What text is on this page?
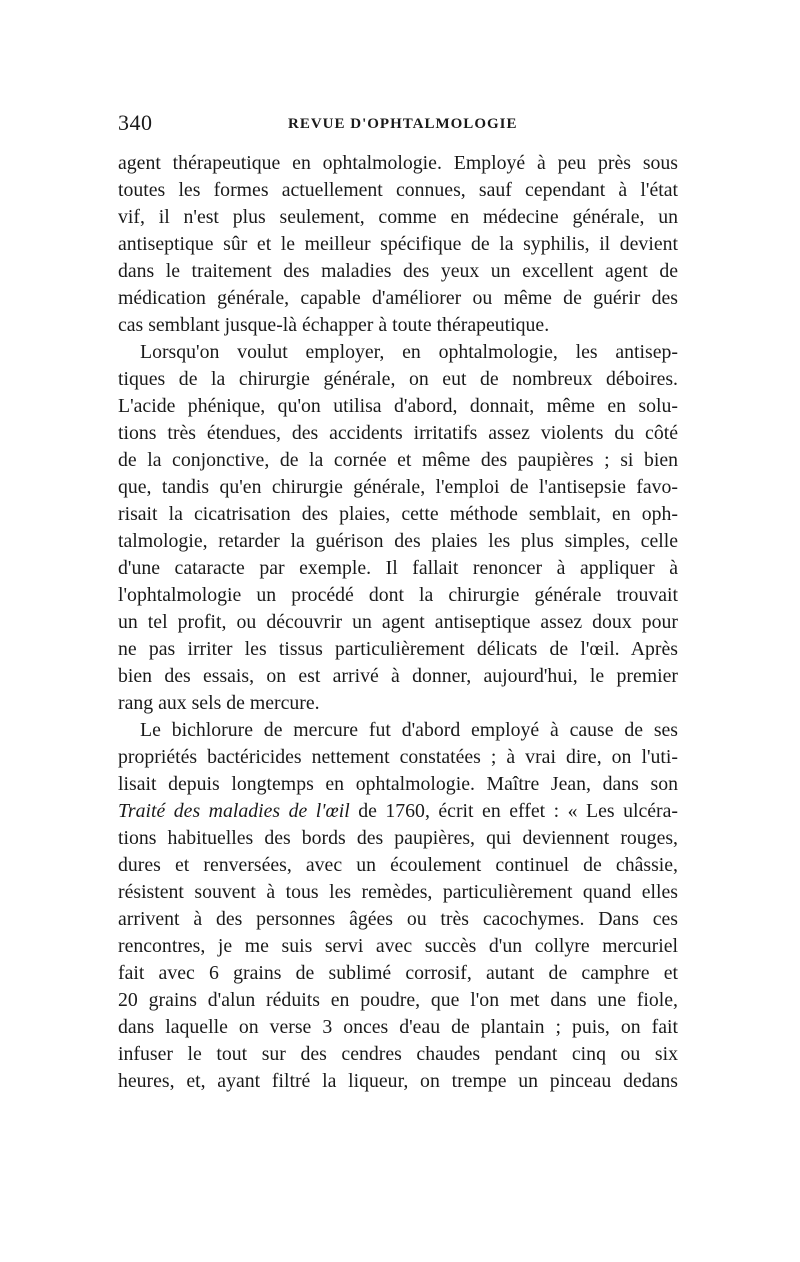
340	REVUE D'OPHTALMOLOGIE
agent thérapeutique en ophtalmologie. Employé à peu près sous
toutes les formes actuellement connues, sauf cependant à l'état
vif, il n'est plus seulement, comme en médecine générale, un
antiseptique sûr et le meilleur spécifique de la syphilis, il devient
dans le traitement des maladies des yeux un excellent agent de
médication générale, capable d'améliorer ou même de guérir des
cas semblant jusque-là échapper à toute thérapeutique.
Lorsqu'on voulut employer, en ophtalmologie, les antisep-
tiques de la chirurgie générale, on eut de nombreux déboires.
L'acide phénique, qu'on utilisa d'abord, donnait, même en solu-
tions très étendues, des accidents irritatifs assez violents du côté
de la conjonctive, de la cornée et même des paupières ; si bien
que, tandis qu'en chirurgie générale, l'emploi de l'antisepsie favo-
risait la cicatrisation des plaies, cette méthode semblait, en oph-
talmologie, retarder la guérison des plaies les plus simples, celle
d'une cataracte par exemple. Il fallait renoncer à appliquer à
l'ophtalmologie un procédé dont la chirurgie générale trouvait
un tel profit, ou découvrir un agent antiseptique assez doux pour
ne pas irriter les tissus particulièrement délicats de l'œil. Après
bien des essais, on est arrivé à donner, aujourd'hui, le premier
rang aux sels de mercure.
Le bichlorure de mercure fut d'abord employé à cause de ses
propriétés bactéricides nettement constatées ; à vrai dire, on l'uti-
lisait depuis longtemps en ophtalmologie. Maître Jean, dans son
Traité des maladies de l'œil de 1760, écrit en effet : « Les ulcéra-
tions habituelles des bords des paupières, qui deviennent rouges,
dures et renversées, avec un écoulement continuel de châssie,
résistent souvent à tous les remèdes, particulièrement quand elles
arrivent à des personnes âgées ou très cacochymes. Dans ces
rencontres, je me suis servi avec succès d'un collyre mercuriel
fait avec 6 grains de sublimé corrosif, autant de camphre et
20 grains d'alun réduits en poudre, que l'on met dans une fiole,
dans laquelle on verse 3 onces d'eau de plantain ; puis, on fait
infuser le tout sur des cendres chaudes pendant cinq ou six
heures, et, ayant filtré la liqueur, on trempe un pinceau dedans
